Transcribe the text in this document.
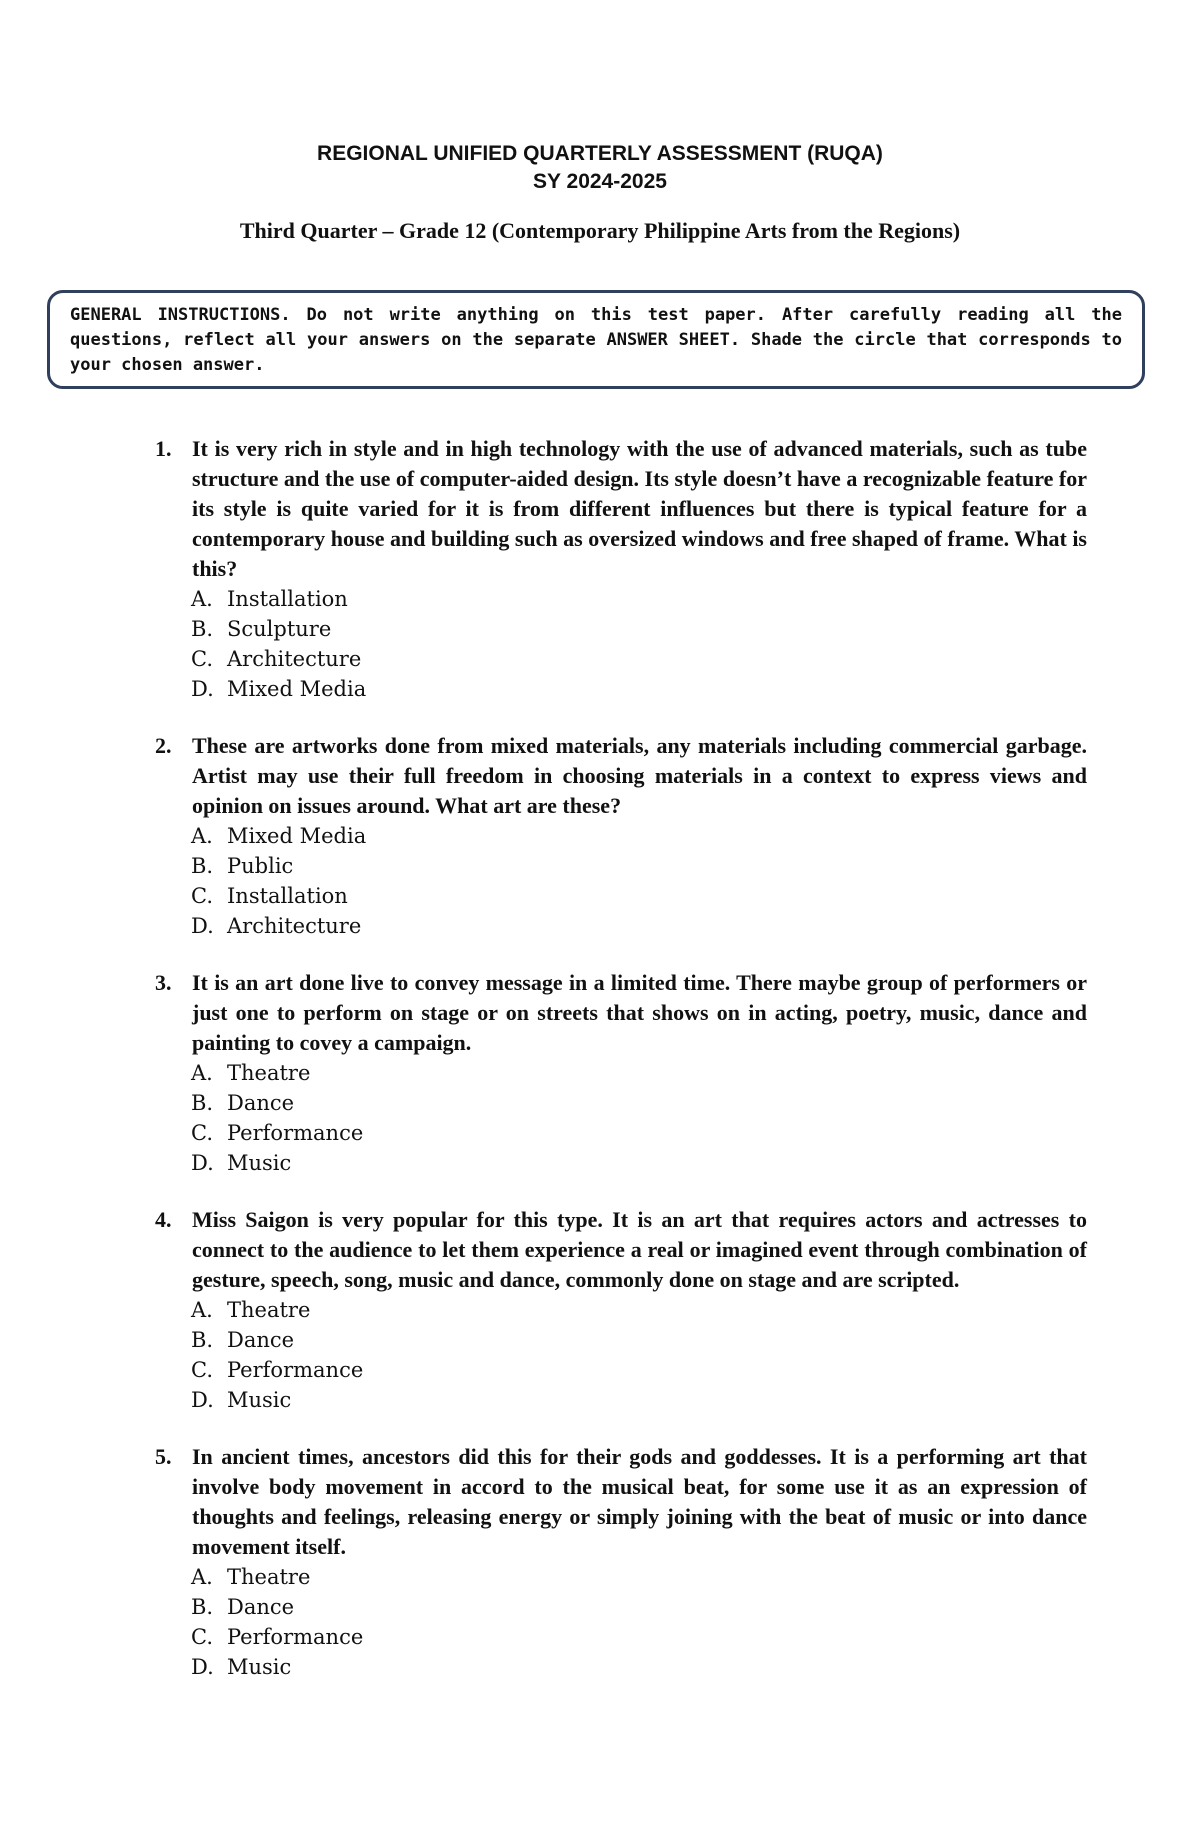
REGIONAL UNIFIED QUARTERLY ASSESSMENT (RUQA)
SY 2024-2025
Third Quarter – Grade 12 (Contemporary Philippine Arts from the Regions)
GENERAL INSTRUCTIONS. Do not write anything on this test paper. After carefully reading all the questions, reflect all your answers on the separate ANSWER SHEET. Shade the circle that corresponds to your chosen answer.
1. It is very rich in style and in high technology with the use of advanced materials, such as tube structure and the use of computer-aided design. Its style doesn’t have a recognizable feature for its style is quite varied for it is from different influences but there is typical feature for a contemporary house and building such as oversized windows and free shaped of frame. What is this?
A. Installation
B. Sculpture
C. Architecture
D. Mixed Media
2. These are artworks done from mixed materials, any materials including commercial garbage. Artist may use their full freedom in choosing materials in a context to express views and opinion on issues around. What art are these?
A. Mixed Media
B. Public
C. Installation
D. Architecture
3. It is an art done live to convey message in a limited time. There maybe group of performers or just one to perform on stage or on streets that shows on in acting, poetry, music, dance and painting to covey a campaign.
A. Theatre
B. Dance
C. Performance
D. Music
4. Miss Saigon is very popular for this type. It is an art that requires actors and actresses to connect to the audience to let them experience a real or imagined event through combination of gesture, speech, song, music and dance, commonly done on stage and are scripted.
A. Theatre
B. Dance
C. Performance
D. Music
5. In ancient times, ancestors did this for their gods and goddesses. It is a performing art that involve body movement in accord to the musical beat, for some use it as an expression of thoughts and feelings, releasing energy or simply joining with the beat of music or into dance movement itself.
A. Theatre
B. Dance
C. Performance
D. Music
